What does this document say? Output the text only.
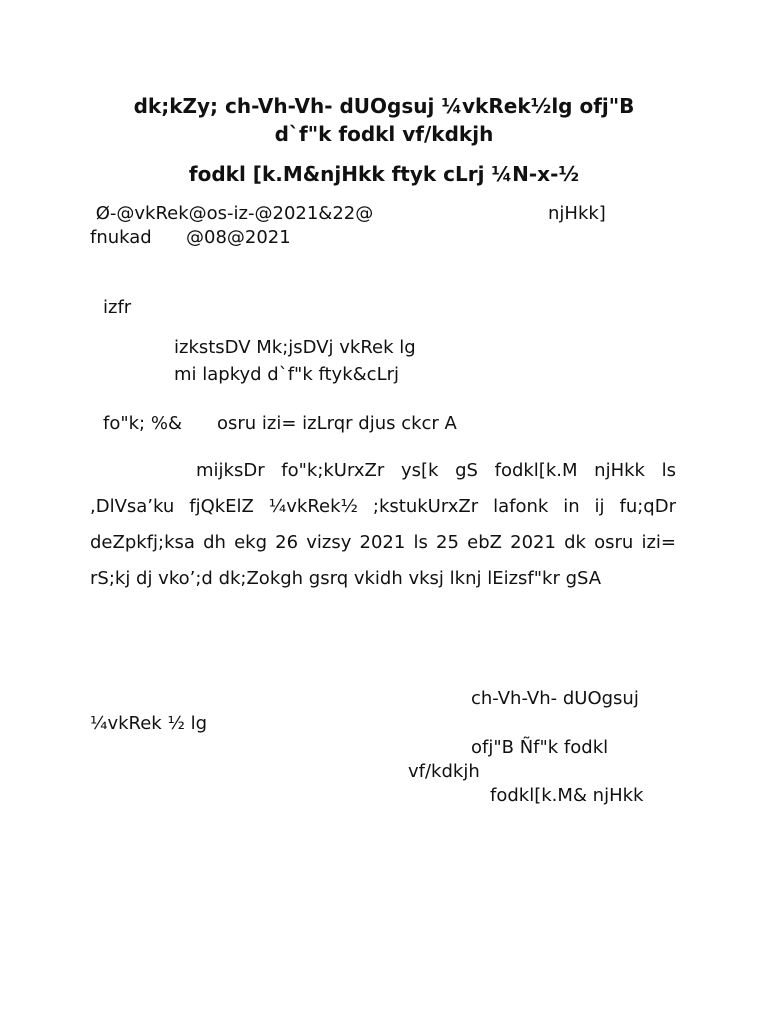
dk;kZy; ch-Vh-Vh- dUOgsuj ¼vkRek½lg ofj"B

d`f"k fodkl vf/kdkjh

fodkl [k.M&njHkk ftyk cLrj ¼N-x-½

Ø-@vkRek@os-iz-@2021&22@	njHkk]

fnukad @08@2021

izfr

izkstsDV Mk;jsDVj vkRek lg

mi lapkyd d`f"k ftyk&cLrj

fo"k; %& osru izi= izLrqr djus ckcr A

mijksDr fo"k;kUrxZr ys[k gS fodkl[k.M njHkk ls ,DlVsa’ku fjQkElZ ¼vkRek½ ;kstukUrxZr lafonk in ij fu;qDr deZpkfj;ksa dh ekg 26 vizsy 2021 ls 25 ebZ 2021 dk osru izi= rS;kj dj vko’;d dk;Zokgh gsrq vkidh vksj lknj lEizsf"kr gSA

ch-Vh-Vh- dUOgsuj

¼vkRek ½ lg

ofj"B Ñf"k fodkl

vf/kdkjh

fodkl[k.M& njHkk
